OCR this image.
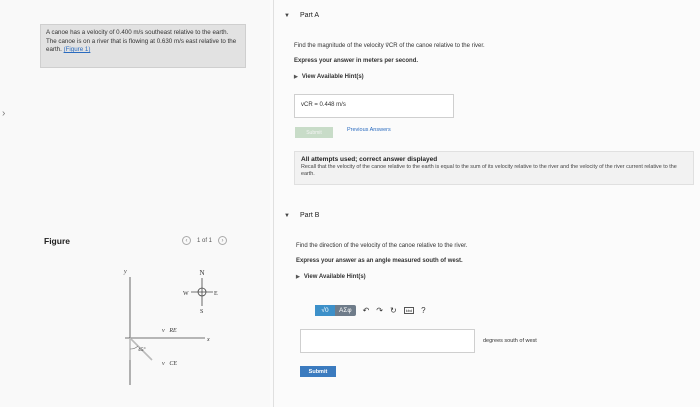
›
A canoe has a velocity of 0.400 m/s southeast relative to the earth. The canoe is on a river that is flowing at 0.630 m/s east relative to the earth. (Figure 1)
Figure	‹	1 of 1	›
N
S
E
W
y
x
45°
v⃗RE
v⃗CE
▼ Part A
Find the magnitude of the velocity v⃗CR of the canoe relative to the river.
Express your answer in meters per second.
▶ View Available Hint(s)
vCR = 0.448 m/s
Submit	Previous Answers
All attempts used; correct answer displayed
Recall that the velocity of the canoe relative to the earth is equal to the sum of its velocity relative to the river and the velocity of the river current relative to the earth.
▼ Part B
Find the direction of the velocity of the canoe relative to the river.
Express your answer as an angle measured south of west.
▶ View Available Hint(s)
√0	ΑΣφ	↶ ↷ ↻	kbd ?
degrees south of west
Submit
